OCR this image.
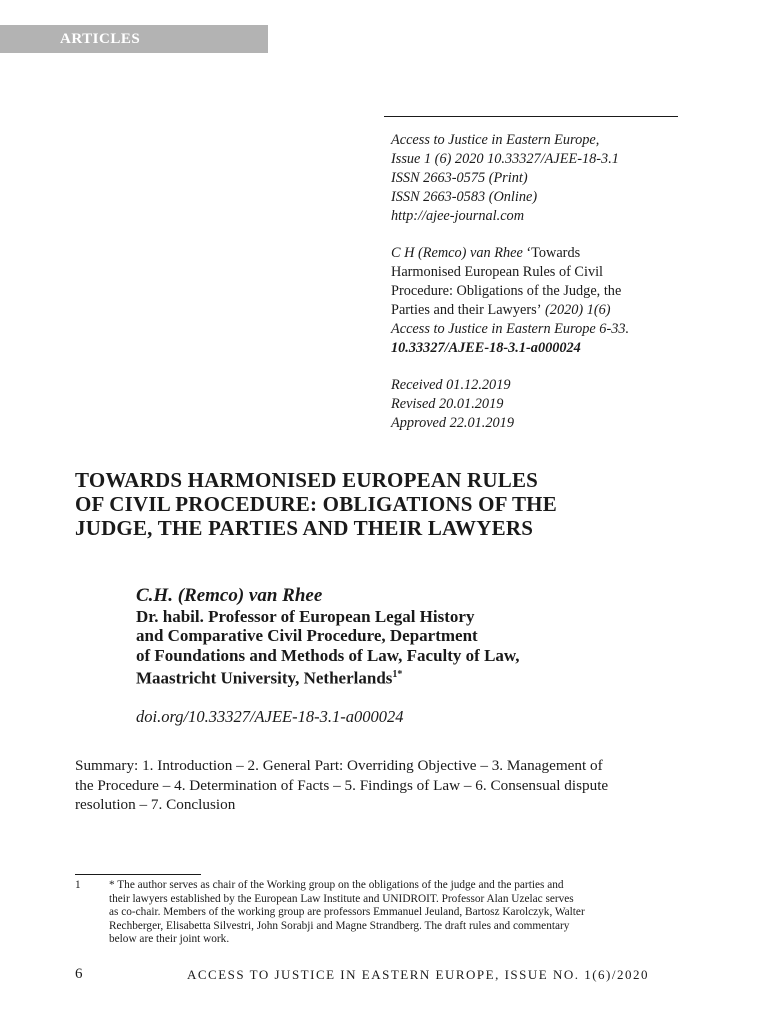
ARTICLES
Access to Justice in Eastern Europe,
Issue 1 (6) 2020 10.33327/AJEE-18-3.1
ISSN 2663-0575 (Print)
ISSN 2663-0583 (Online)
http://ajee-journal.com
C H (Remco) van Rhee ‘Towards
Harmonised European Rules of Civil
Procedure: Obligations of the Judge, the
Parties and their Lawyers’ (2020) 1(6)
Access to Justice in Eastern Europe 6-33.
10.33327/AJEE-18-3.1-a000024
Received 01.12.2019
Revised 20.01.2019
Approved 22.01.2019
TOWARDS HARMONISED EUROPEAN RULES
OF CIVIL PROCEDURE: OBLIGATIONS OF THE
JUDGE, THE PARTIES AND THEIR LAWYERS
C.H. (Remco) van Rhee
Dr. habil. Professor of European Legal History
and Comparative Civil Procedure, Department
of Foundations and Methods of Law, Faculty of Law,
Maastricht University, Netherlands$^{1*}$
doi.org/10.33327/AJEE-18-3.1-a000024
Summary: 1. Introduction – 2. General Part: Overriding Objective – 3. Management of
the Procedure – 4. Determination of Facts – 5. Findings of Law – 6. Consensual dispute
resolution – 7. Conclusion
1	* The author serves as chair of the Working group on the obligations of the judge and the parties and
their lawyers established by the European Law Institute and UNIDROIT. Professor Alan Uzelac serves
as co-chair. Members of the working group are professors Emmanuel Jeuland, Bartosz Karolczyk, Walter
Rechberger, Elisabetta Silvestri, John Sorabji and Magne Strandberg. The draft rules and commentary
below are their joint work.
6	ACCESS TO JUSTICE IN EASTERN EUROPE, ISSUE NO. 1(6)/2020
